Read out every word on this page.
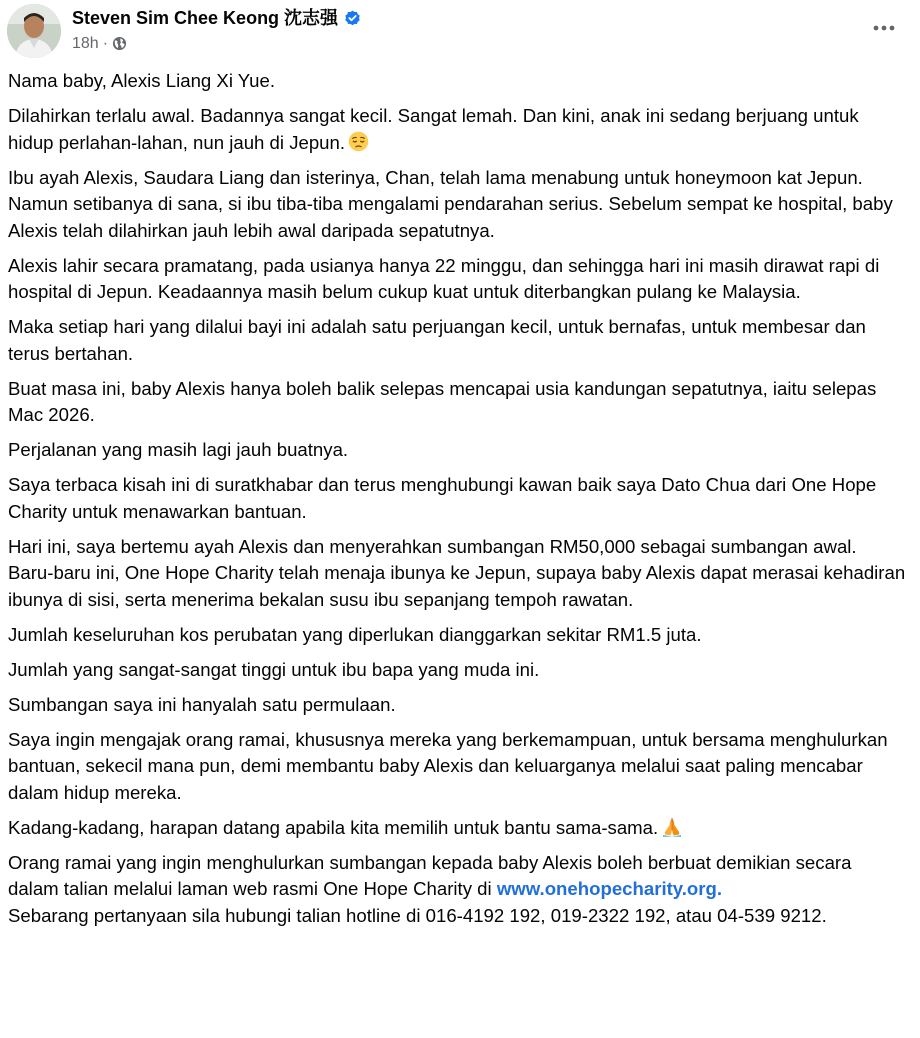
Steven Sim Chee Keong 沈志强
18h ·

Nama baby, Alexis Liang Xi Yue.

Dilahirkan terlalu awal. Badannya sangat kecil. Sangat lemah. Dan kini, anak ini sedang berjuang untuk hidup perlahan-lahan, nun jauh di Jepun.

Ibu ayah Alexis, Saudara Liang dan isterinya, Chan, telah lama menabung untuk honeymoon kat Jepun. Namun setibanya di sana, si ibu tiba-tiba mengalami pendarahan serius. Sebelum sempat ke hospital, baby Alexis telah dilahirkan jauh lebih awal daripada sepatutnya.

Alexis lahir secara pramatang, pada usianya hanya 22 minggu, dan sehingga hari ini masih dirawat rapi di hospital di Jepun. Keadaannya masih belum cukup kuat untuk diterbangkan pulang ke Malaysia.

Maka setiap hari yang dilalui bayi ini adalah satu perjuangan kecil, untuk bernafas, untuk membesar dan terus bertahan.

Buat masa ini, baby Alexis hanya boleh balik selepas mencapai usia kandungan sepatutnya, iaitu selepas Mac 2026.

Perjalanan yang masih lagi jauh buatnya.

Saya terbaca kisah ini di suratkhabar dan terus menghubungi kawan baik saya Dato Chua dari One Hope Charity untuk menawarkan bantuan.

Hari ini, saya bertemu ayah Alexis dan menyerahkan sumbangan RM50,000 sebagai sumbangan awal.
Baru-baru ini, One Hope Charity telah menaja ibunya ke Jepun, supaya baby Alexis dapat merasai kehadiran ibunya di sisi, serta menerima bekalan susu ibu sepanjang tempoh rawatan.

Jumlah keseluruhan kos perubatan yang diperlukan dianggarkan sekitar RM1.5 juta.

Jumlah yang sangat-sangat tinggi untuk ibu bapa yang muda ini.

Sumbangan saya ini hanyalah satu permulaan.

Saya ingin mengajak orang ramai, khususnya mereka yang berkemampuan, untuk bersama menghulurkan bantuan, sekecil mana pun, demi membantu baby Alexis dan keluarganya melalui saat paling mencabar dalam hidup mereka.

Kadang-kadang, harapan datang apabila kita memilih untuk bantu sama-sama.

Orang ramai yang ingin menghulurkan sumbangan kepada baby Alexis boleh berbuat demikian secara dalam talian melalui laman web rasmi One Hope Charity di www.onehopecharity.org.
Sebarang pertanyaan sila hubungi talian hotline di 016-4192 192, 019-2322 192, atau 04-539 9212.
